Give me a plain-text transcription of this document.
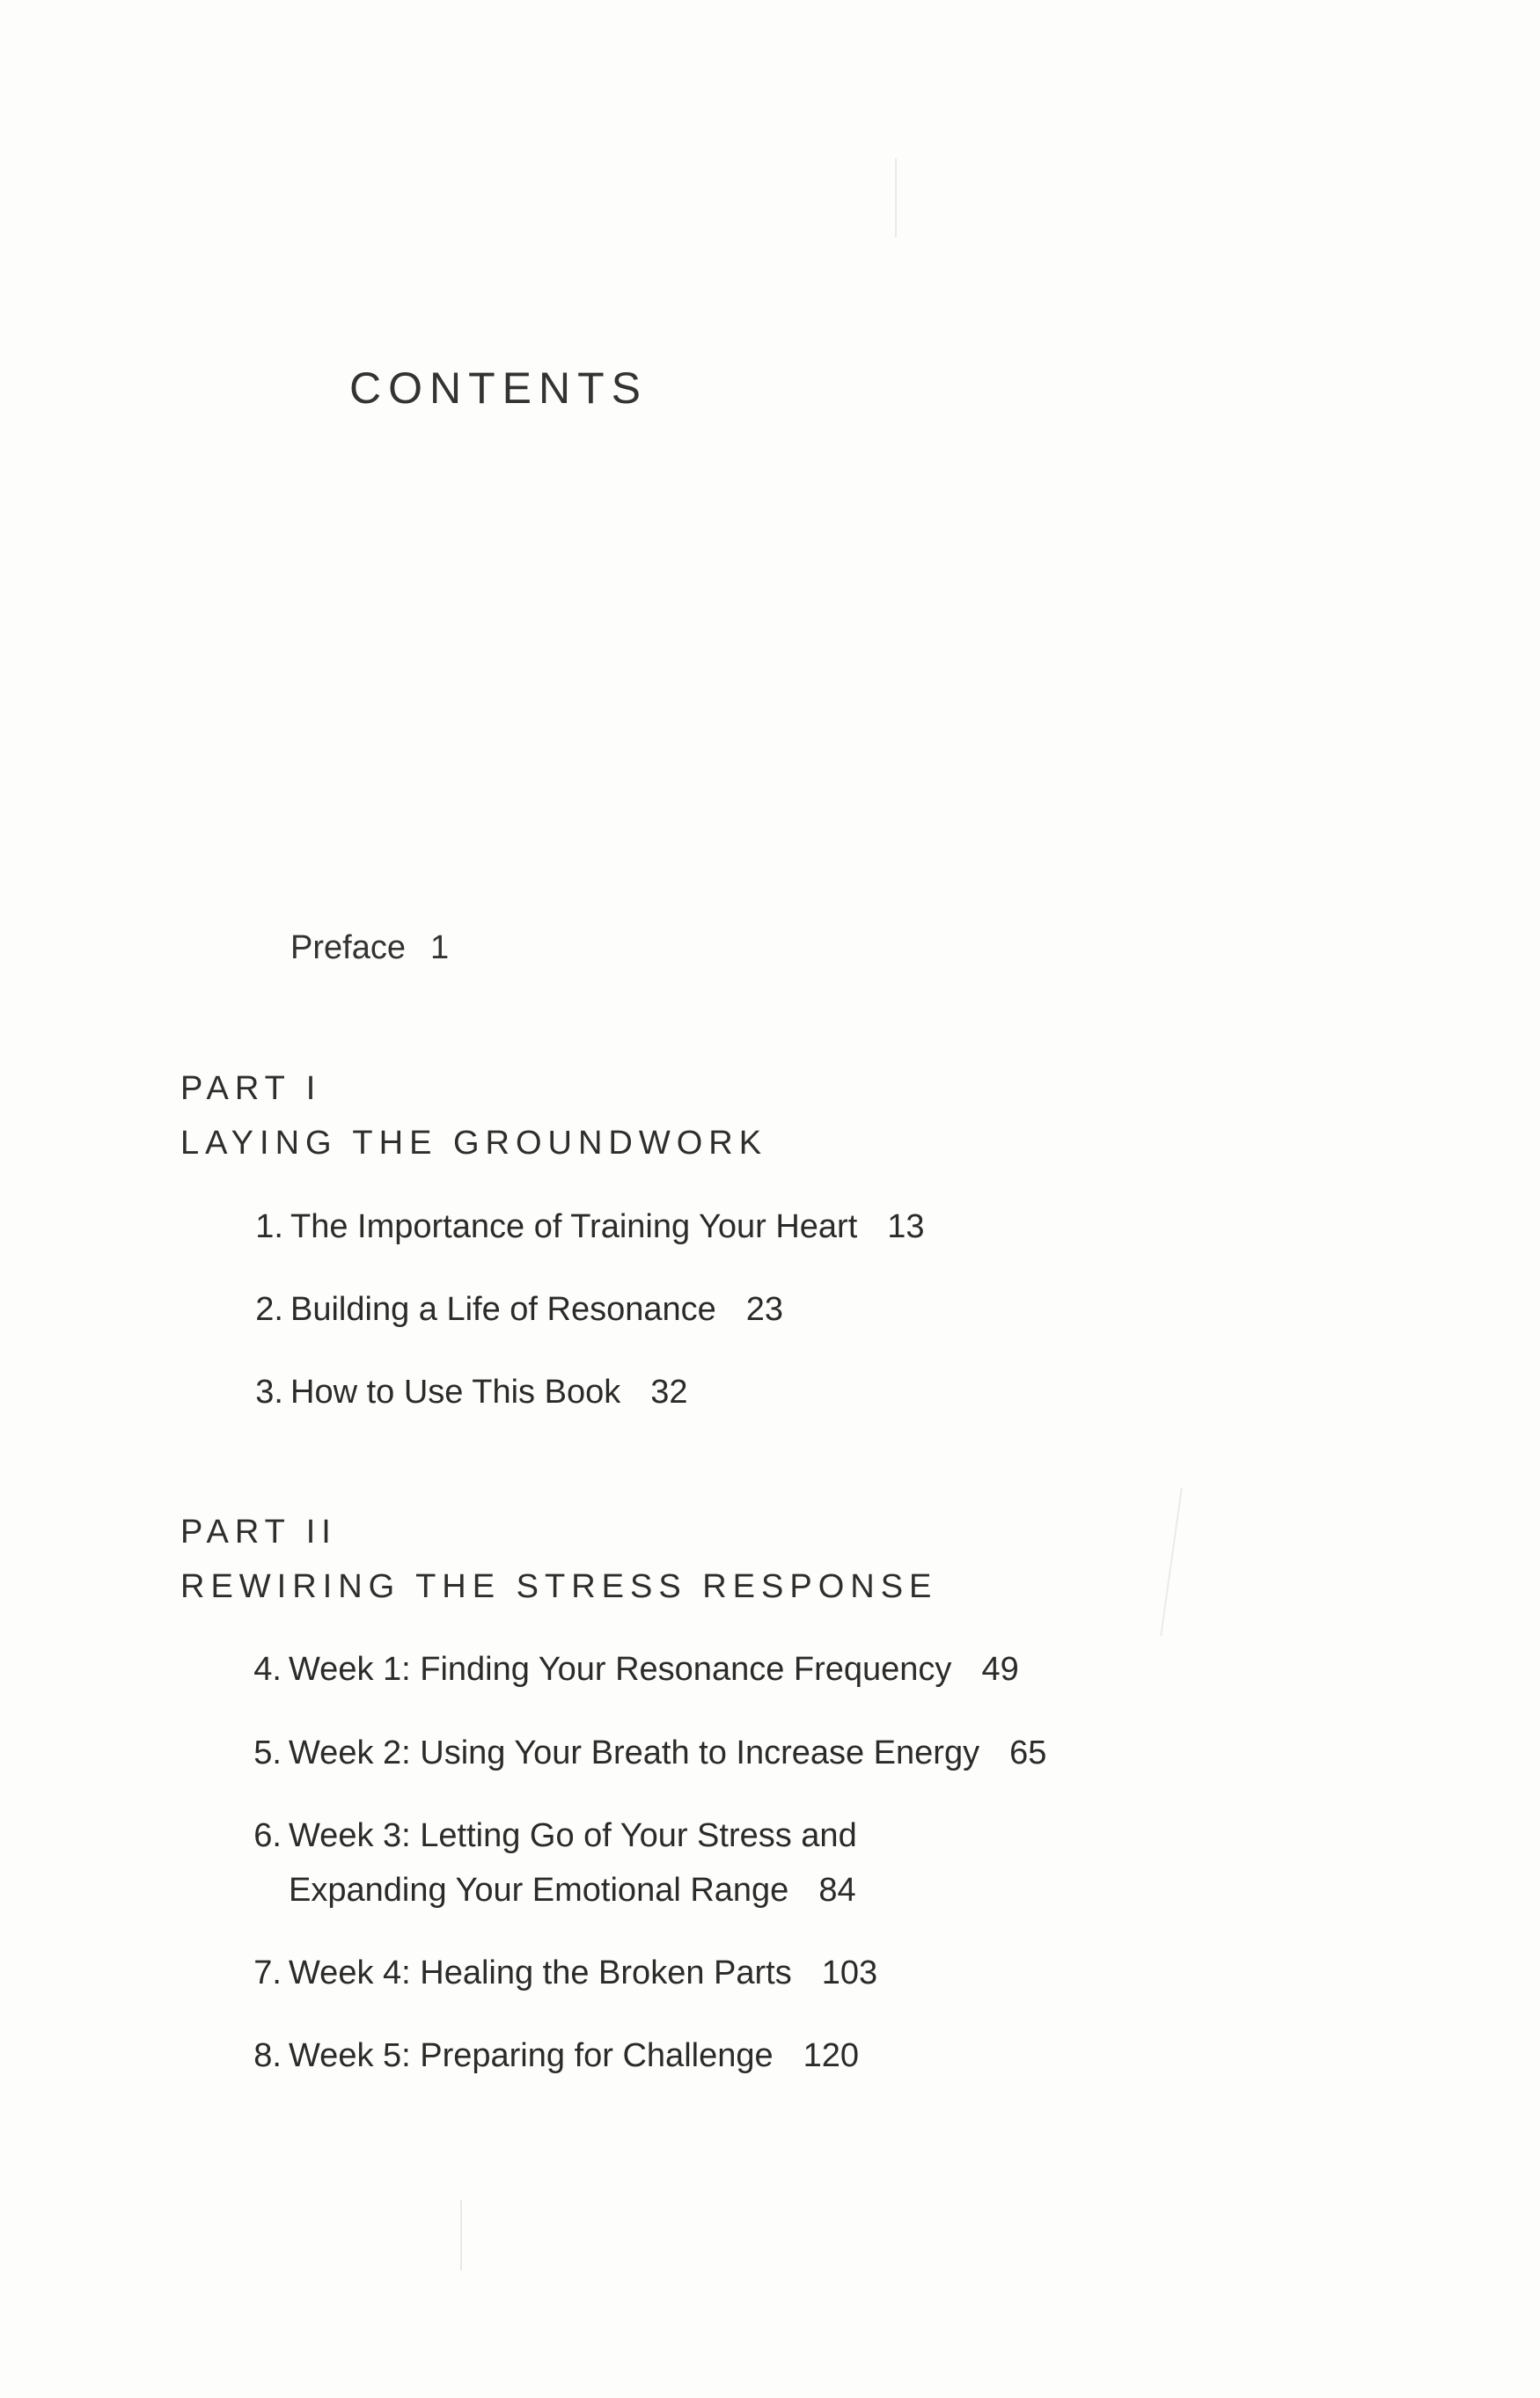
CONTENTS
Preface 1
PART I
LAYING THE GROUNDWORK
1. The Importance of Training Your Heart 13
2. Building a Life of Resonance 23
3. How to Use This Book 32
PART II
REWIRING THE STRESS RESPONSE
4. Week 1: Finding Your Resonance Frequency 49
5. Week 2: Using Your Breath to Increase Energy 65
6. Week 3: Letting Go of Your Stress and
Expanding Your Emotional Range 84
7. Week 4: Healing the Broken Parts 103
8. Week 5: Preparing for Challenge 120
